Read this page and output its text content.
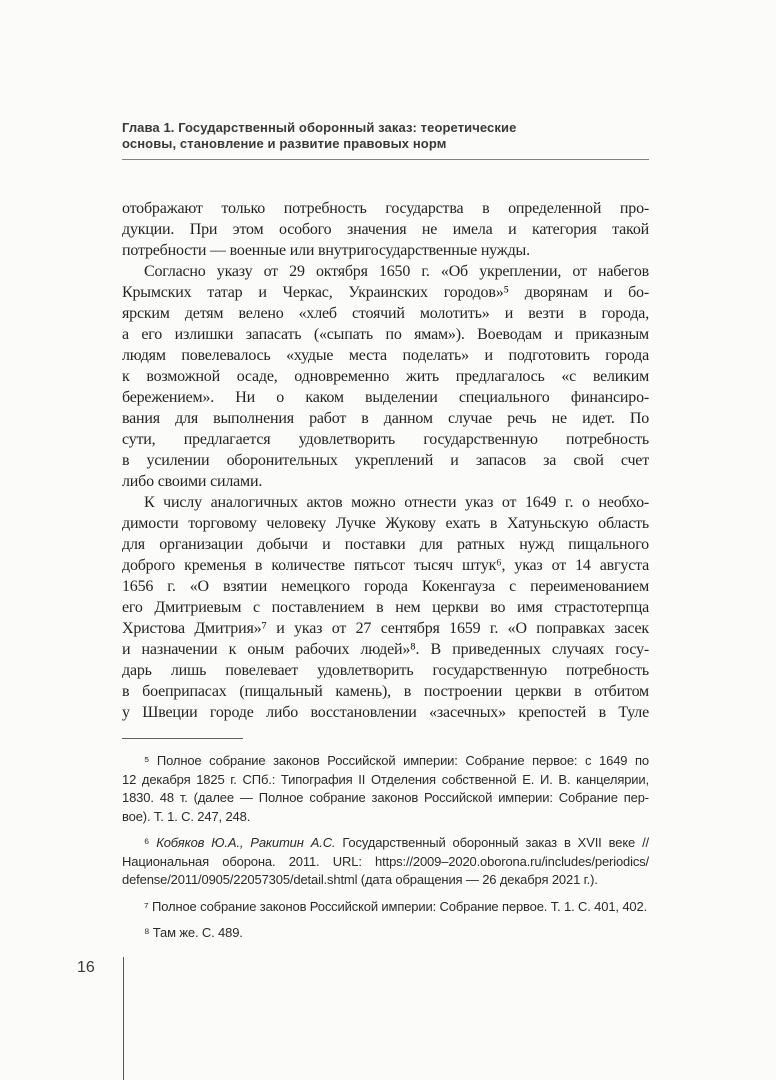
Глава 1. Государственный оборонный заказ: теоретические
основы, становление и развитие правовых норм
отображают только потребность государства в определенной про-
дукции. При этом особого значения не имела и категория такой
потребности — военные или внутригосударственные нужды.
Согласно указу от 29 октября 1650 г. «Об укреплении, от набегов
Крымских татар и Черкас, Украинских городов»⁵ дворянам и бо-
ярским детям велено «хлеб стоячий молотить» и везти в города,
а его излишки запасать («сыпать по ямам»). Воеводам и приказным
людям повелевалось «худые места поделать» и подготовить города
к возможной осаде, одновременно жить предлагалось «с великим
бережением». Ни о каком выделении специального финансиро-
вания для выполнения работ в данном случае речь не идет. По
сути, предлагается удовлетворить государственную потребность
в усилении оборонительных укреплений и запасов за свой счет
либо своими силами.
К числу аналогичных актов можно отнести указ от 1649 г. о необхо-
димости торговому человеку Лучке Жукову ехать в Хатуньскую область
для организации добычи и поставки для ратных нужд пищального
доброго кременья в количестве пятьсот тысяч штук⁶, указ от 14 августа
1656 г. «О взятии немецкого города Кокенгауза с переименованием
его Дмитриевым с поставлением в нем церкви во имя страстотерпца
Христова Дмитрия»⁷ и указ от 27 сентября 1659 г. «О поправках засек
и назначении к оным рабочих людей»⁸. В приведенных случаях госу-
дарь лишь повелевает удовлетворить государственную потребность
в боеприпасах (пищальный камень), в построении церкви в отбитом
у Швеции городе либо восстановлении «засечных» крепостей в Туле
⁵ Полное собрание законов Российской империи: Собрание первое: с 1649 по
12 декабря 1825 г. СПб.: Типография II Отделения собственной Е. И. В. канцелярии,
1830. 48 т. (далее — Полное собрание законов Российской империи: Собрание пер-
вое). Т. 1. С. 247, 248.
⁶ Кобяков Ю.А., Ракитин А.С. Государственный оборонный заказ в XVII веке //
Национальная оборона. 2011. URL: https://2009–2020.oborona.ru/includes/periodics/
defense/2011/0905/22057305/detail.shtml (дата обращения — 26 декабря 2021 г.).
⁷ Полное собрание законов Российской империи: Собрание первое. Т. 1. С. 401, 402.
⁸ Там же. С. 489.
16
